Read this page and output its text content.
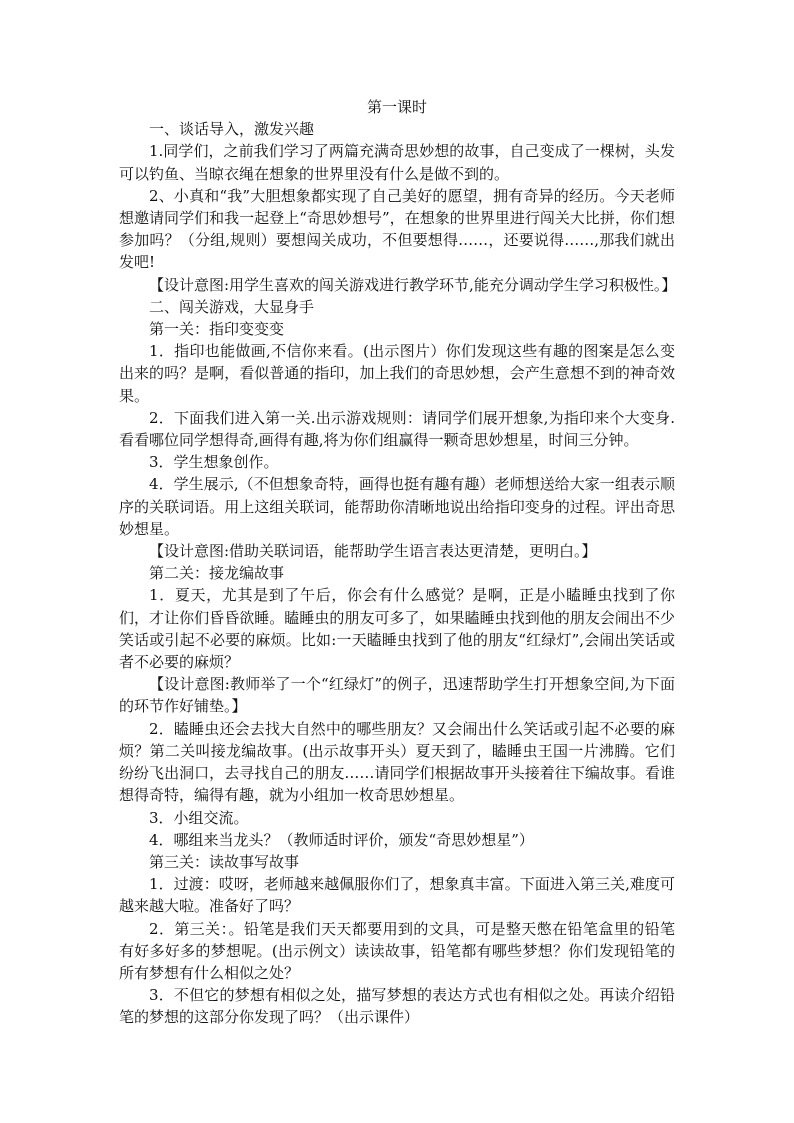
第一课时

一、谈话导入，激发兴趣

1.同学们，之前我们学习了两篇充满奇思妙想的故事，自己变成了一棵树，头发可以钓鱼、当晾衣绳在想象的世界里没有什么是做不到的。

2、小真和“我”大胆想象都实现了自己美好的愿望，拥有奇异的经历。今天老师想邀请同学们和我一起登上“奇思妙想号”，在想象的世界里进行闯关大比拼，你们想参加吗？（分组,规则）要想闯关成功，不但要想得……，还要说得……,那我们就出发吧!

【设计意图:用学生喜欢的闯关游戏进行教学环节,能充分调动学生学习积极性。】

二、闯关游戏，大显身手

第一关：指印变变变

1．指印也能做画,不信你来看。(出示图片）你们发现这些有趣的图案是怎么变出来的吗？是啊，看似普通的指印，加上我们的奇思妙想，会产生意想不到的神奇效果。

2．下面我们进入第一关.出示游戏规则：请同学们展开想象,为指印来个大变身.看看哪位同学想得奇,画得有趣,将为你们组赢得一颗奇思妙想星，时间三分钟。

3．学生想象创作。

4．学生展示,（不但想象奇特，画得也挺有趣有趣）老师想送给大家一组表示顺序的关联词语。用上这组关联词，能帮助你清晰地说出给指印变身的过程。评出奇思妙想星。

【设计意图:借助关联词语，能帮助学生语言表达更清楚，更明白。】

第二关：接龙编故事

1．夏天，尤其是到了午后，你会有什么感觉？是啊，正是小瞌睡虫找到了你们，才让你们昏昏欲睡。瞌睡虫的朋友可多了，如果瞌睡虫找到他的朋友会闹出不少笑话或引起不必要的麻烦。比如:一天瞌睡虫找到了他的朋友“红绿灯”,会闹出笑话或者不必要的麻烦？

【设计意图:教师举了一个“红绿灯”的例子，迅速帮助学生打开想象空间,为下面的环节作好铺垫。】

2．瞌睡虫还会去找大自然中的哪些朋友？又会闹出什么笑话或引起不必要的麻烦？第二关叫接龙编故事。(出示故事开头）夏天到了，瞌睡虫王国一片沸腾。它们纷纷飞出洞口，去寻找自己的朋友……请同学们根据故事开头接着往下编故事。看谁想得奇特，编得有趣，就为小组加一枚奇思妙想星。

3．小组交流。

4．哪组来当龙头？（教师适时评价，颁发“奇思妙想星”）

第三关：读故事写故事

1．过渡：哎呀，老师越来越佩服你们了，想象真丰富。下面进入第三关,难度可越来越大啦。准备好了吗？

2．第三关：。铅笔是我们天天都要用到的文具，可是整天憋在铅笔盒里的铅笔有好多好多的梦想呢。(出示例文）读读故事，铅笔都有哪些梦想？你们发现铅笔的所有梦想有什么相似之处？

3．不但它的梦想有相似之处，描写梦想的表达方式也有相似之处。再读介绍铅笔的梦想的这部分你发现了吗？（出示课件）
